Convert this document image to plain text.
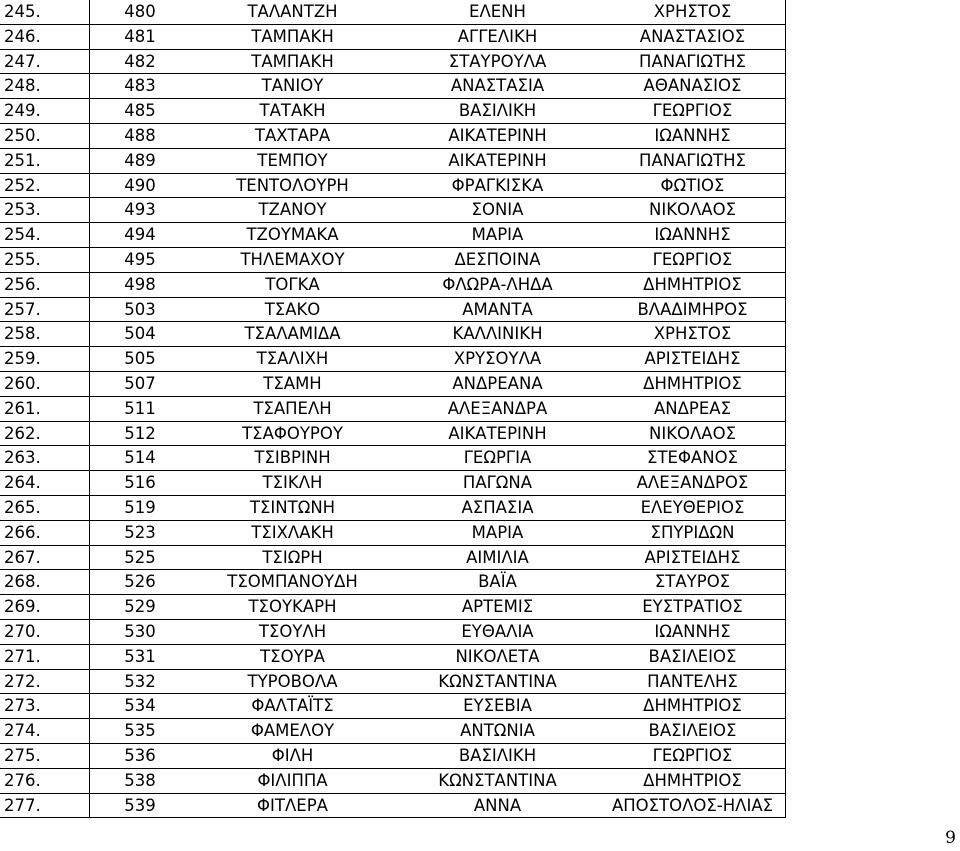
245.	480	ΤΑΛΑΝΤΖΗ	ΕΛΕΝΗ	ΧΡΗΣΤΟΣ
246.	481	ΤΑΜΠΑΚΗ	ΑΓΓΕΛΙΚΗ	ΑΝΑΣΤΑΣΙΟΣ
247.	482	ΤΑΜΠΑΚΗ	ΣΤΑΥΡΟΥΛΑ	ΠΑΝΑΓΙΩΤΗΣ
248.	483	ΤΑΝΙΟΥ	ΑΝΑΣΤΑΣΙΑ	ΑΘΑΝΑΣΙΟΣ
249.	485	ΤΑΤΑΚΗ	ΒΑΣΙΛΙΚΗ	ΓΕΩΡΓΙΟΣ
250.	488	ΤΑΧΤΑΡΑ	ΑΙΚΑΤΕΡΙΝΗ	ΙΩΑΝΝΗΣ
251.	489	ΤΕΜΠΟΥ	ΑΙΚΑΤΕΡΙΝΗ	ΠΑΝΑΓΙΩΤΗΣ
252.	490	ΤΕΝΤΟΛΟΥΡΗ	ΦΡΑΓΚΙΣΚΑ	ΦΩΤΙΟΣ
253.	493	ΤΖΑΝΟΥ	ΣΟΝΙΑ	ΝΙΚΟΛΑΟΣ
254.	494	ΤΖΟΥΜΑΚΑ	ΜΑΡΙΑ	ΙΩΑΝΝΗΣ
255.	495	ΤΗΛΕΜΑΧΟΥ	ΔΕΣΠΟΙΝΑ	ΓΕΩΡΓΙΟΣ
256.	498	ΤΟΓΚΑ	ΦΛΩΡΑ-ΛΗΔΑ	ΔΗΜΗΤΡΙΟΣ
257.	503	ΤΣΑΚΟ	ΑΜΑΝΤΑ	ΒΛΑΔΙΜΗΡΟΣ
258.	504	ΤΣΑΛΑΜΙΔΑ	ΚΑΛΛΙΝΙΚΗ	ΧΡΗΣΤΟΣ
259.	505	ΤΣΑΛΙΧΗ	ΧΡΥΣΟΥΛΑ	ΑΡΙΣΤΕΙΔΗΣ
260.	507	ΤΣΑΜΗ	ΑΝΔΡΕΑΝΑ	ΔΗΜΗΤΡΙΟΣ
261.	511	ΤΣΑΠΕΛΗ	ΑΛΕΞΑΝΔΡΑ	ΑΝΔΡΕΑΣ
262.	512	ΤΣΑΦΟΥΡΟΥ	ΑΙΚΑΤΕΡΙΝΗ	ΝΙΚΟΛΑΟΣ
263.	514	ΤΣΙΒΡΙΝΗ	ΓΕΩΡΓΙΑ	ΣΤΕΦΑΝΟΣ
264.	516	ΤΣΙΚΛΗ	ΠΑΓΩΝΑ	ΑΛΕΞΑΝΔΡΟΣ
265.	519	ΤΣΙΝΤΩΝΗ	ΑΣΠΑΣΙΑ	ΕΛΕΥΘΕΡΙΟΣ
266.	523	ΤΣΙΧΛΑΚΗ	ΜΑΡΙΑ	ΣΠΥΡΙΔΩΝ
267.	525	ΤΣΙΩΡΗ	ΑΙΜΙΛΙΑ	ΑΡΙΣΤΕΙΔΗΣ
268.	526	ΤΣΟΜΠΑΝΟΥΔΗ	ΒΑΪΑ	ΣΤΑΥΡΟΣ
269.	529	ΤΣΟΥΚΑΡΗ	ΑΡΤΕΜΙΣ	ΕΥΣΤΡΑΤΙΟΣ
270.	530	ΤΣΟΥΛΗ	ΕΥΘΑΛΙΑ	ΙΩΑΝΝΗΣ
271.	531	ΤΣΟΥΡΑ	ΝΙΚΟΛΕΤΑ	ΒΑΣΙΛΕΙΟΣ
272.	532	ΤΥΡΟΒΟΛΑ	ΚΩΝΣΤΑΝΤΙΝΑ	ΠΑΝΤΕΛΗΣ
273.	534	ΦΑΛΤΑΪΤΣ	ΕΥΣΕΒΙΑ	ΔΗΜΗΤΡΙΟΣ
274.	535	ΦΑΜΕΛΟΥ	ΑΝΤΩΝΙΑ	ΒΑΣΙΛΕΙΟΣ
275.	536	ΦΙΛΗ	ΒΑΣΙΛΙΚΗ	ΓΕΩΡΓΙΟΣ
276.	538	ΦΙΛΙΠΠΑ	ΚΩΝΣΤΑΝΤΙΝΑ	ΔΗΜΗΤΡΙΟΣ
277.	539	ΦΙΤΛΕΡΑ	ΑΝΝΑ	ΑΠΟΣΤΟΛΟΣ-ΗΛΙΑΣ
9
